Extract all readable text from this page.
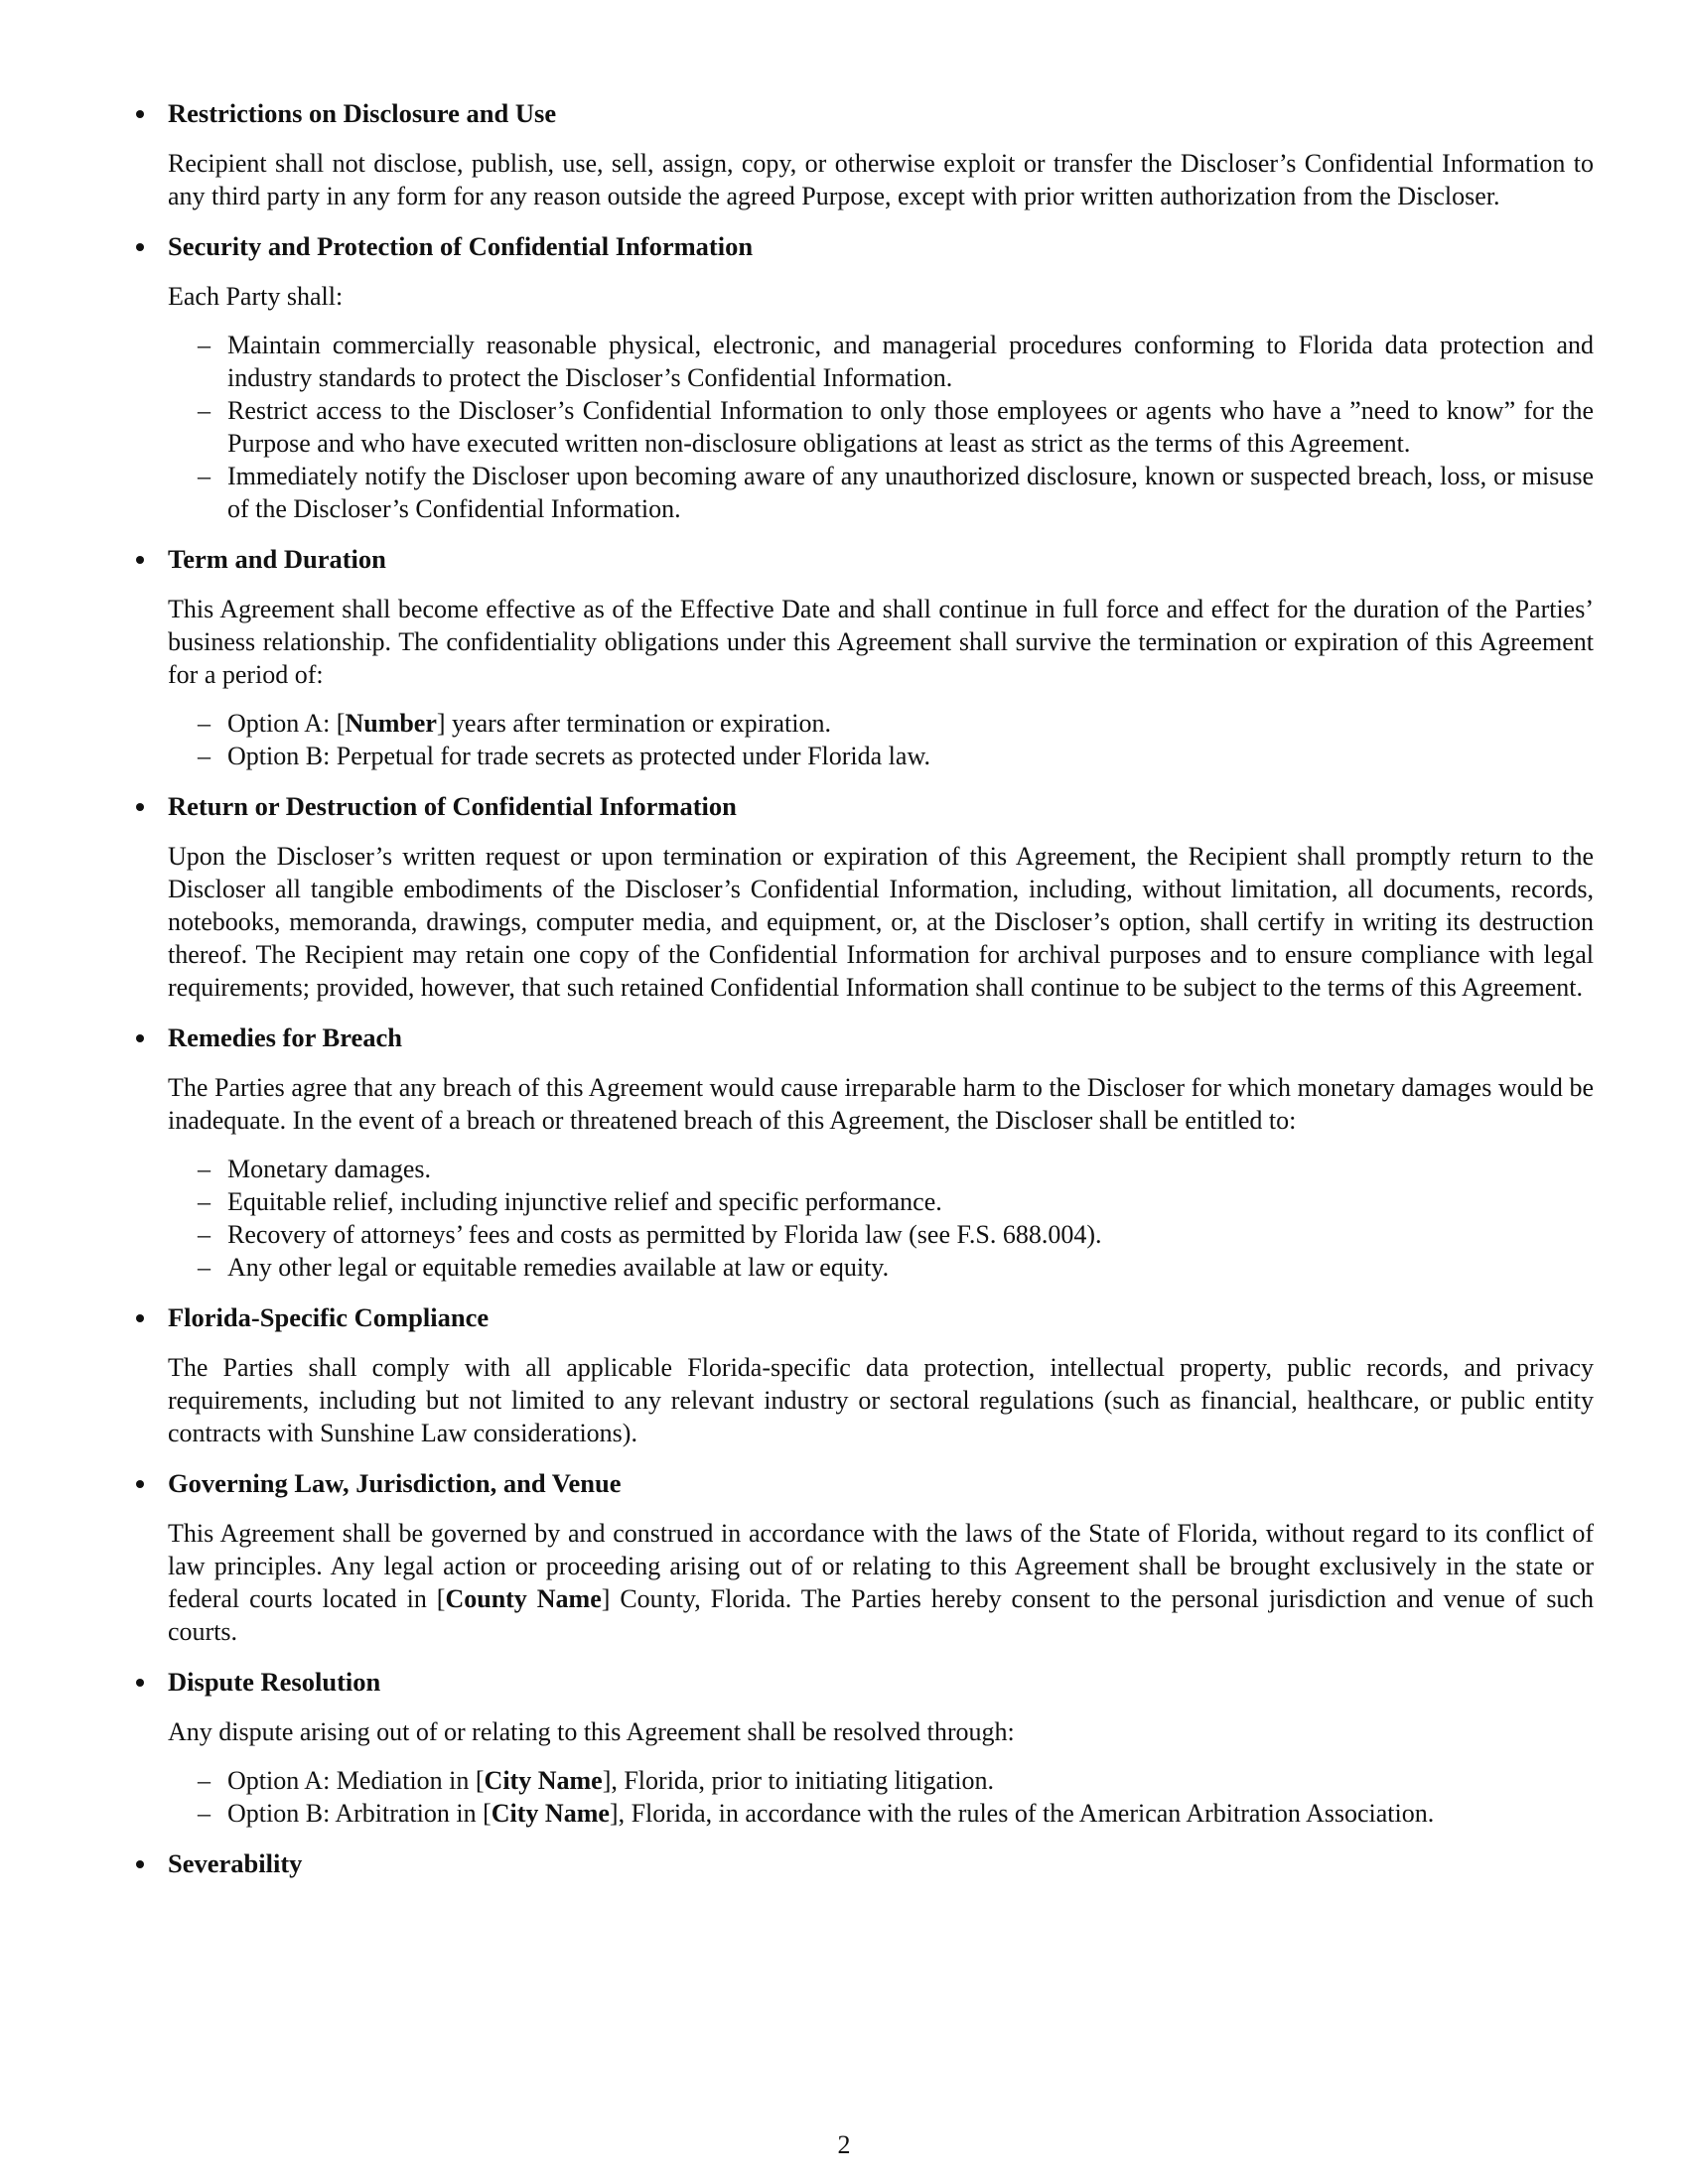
Restrictions on Disclosure and Use

Recipient shall not disclose, publish, use, sell, assign, copy, or otherwise exploit or transfer the Discloser’s Confidential Information to any third party in any form for any reason outside the agreed Purpose, except with prior written authorization from the Discloser.

Security and Protection of Confidential Information

Each Party shall:

– Maintain commercially reasonable physical, electronic, and managerial procedures conforming to Florida data protection and industry standards to protect the Discloser’s Confidential Information.
– Restrict access to the Discloser’s Confidential Information to only those employees or agents who have a ”need to know” for the Purpose and who have executed written non-disclosure obligations at least as strict as the terms of this Agreement.
– Immediately notify the Discloser upon becoming aware of any unauthorized disclosure, known or suspected breach, loss, or misuse of the Discloser’s Confidential Information.
Term and Duration

This Agreement shall become effective as of the Effective Date and shall continue in full force and effect for the duration of the Parties’ business relationship. The confidentiality obligations under this Agreement shall survive the termination or expiration of this Agreement for a period of:

– Option A: [Number] years after termination or expiration.
– Option B: Perpetual for trade secrets as protected under Florida law.
Return or Destruction of Confidential Information

Upon the Discloser’s written request or upon termination or expiration of this Agreement, the Recipient shall promptly return to the Discloser all tangible embodiments of the Discloser’s Confidential Information, including, without limitation, all documents, records, notebooks, memoranda, drawings, computer media, and equipment, or, at the Discloser’s option, shall certify in writing its destruction thereof. The Recipient may retain one copy of the Confidential Information for archival purposes and to ensure compliance with legal requirements; provided, however, that such retained Confidential Information shall continue to be subject to the terms of this Agreement.

Remedies for Breach

The Parties agree that any breach of this Agreement would cause irreparable harm to the Discloser for which monetary damages would be inadequate. In the event of a breach or threatened breach of this Agreement, the Discloser shall be entitled to:

– Monetary damages.
– Equitable relief, including injunctive relief and specific performance.
– Recovery of attorneys’ fees and costs as permitted by Florida law (see F.S. 688.004).
– Any other legal or equitable remedies available at law or equity.
Florida-Specific Compliance

The Parties shall comply with all applicable Florida-specific data protection, intellectual property, public records, and privacy requirements, including but not limited to any relevant industry or sectoral regulations (such as financial, healthcare, or public entity contracts with Sunshine Law considerations).

Governing Law, Jurisdiction, and Venue

This Agreement shall be governed by and construed in accordance with the laws of the State of Florida, without regard to its conflict of law principles. Any legal action or proceeding arising out of or relating to this Agreement shall be brought exclusively in the state or federal courts located in [County Name] County, Florida. The Parties hereby consent to the personal jurisdiction and venue of such courts.

Dispute Resolution

Any dispute arising out of or relating to this Agreement shall be resolved through:

– Option A: Mediation in [City Name], Florida, prior to initiating litigation.
– Option B: Arbitration in [City Name], Florida, in accordance with the rules of the American Arbitration Association.
Severability
2
